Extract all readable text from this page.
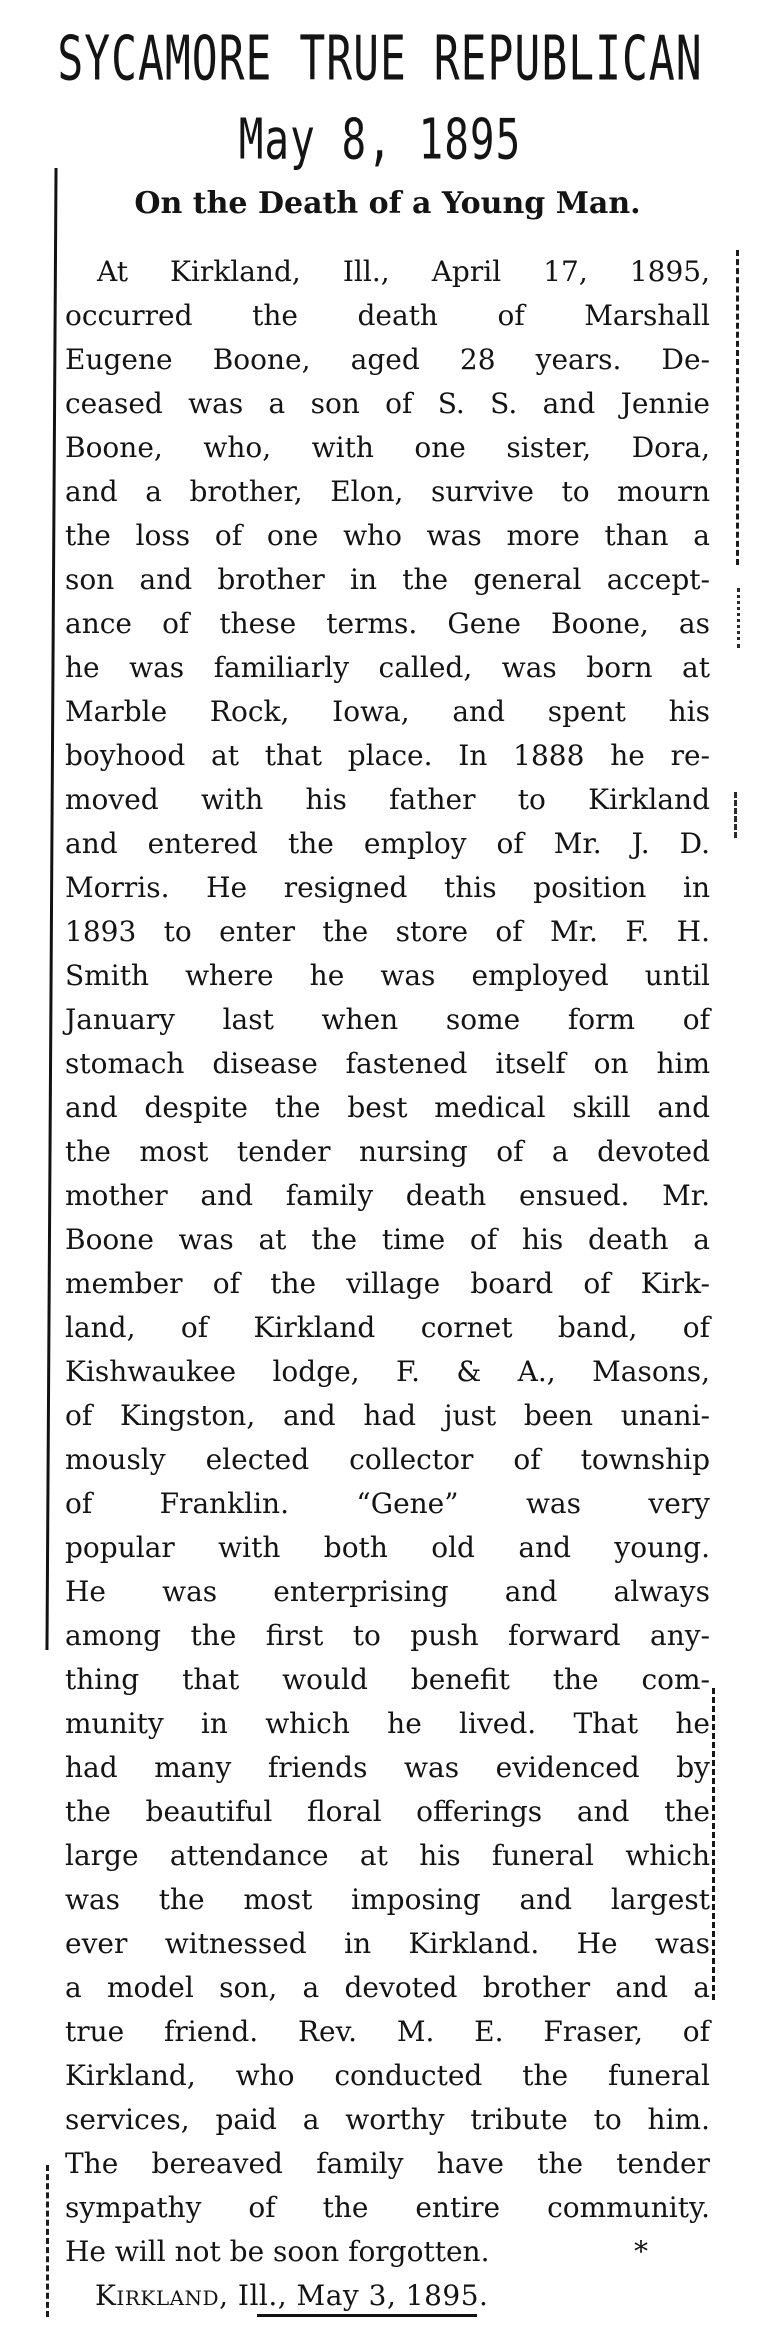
SYCAMORE TRUE REPUBLICAN
May 8, 1895
On the Death of a Young Man.
At Kirkland, Ill., April 17, 1895,
occurred the death of Marshall
Eugene Boone, aged 28 years. De-
ceased was a son of S. S. and Jennie
Boone, who, with one sister, Dora,
and a brother, Elon, survive to mourn
the loss of one who was more than a
son and brother in the general accept-
ance of these terms. Gene Boone, as
he was familiarly called, was born at
Marble Rock, Iowa, and spent his
boyhood at that place. In 1888 he re-
moved with his father to Kirkland
and entered the employ of Mr. J. D.
Morris. He resigned this position in
1893 to enter the store of Mr. F. H.
Smith where he was employed until
January last when some form of
stomach disease fastened itself on him
and despite the best medical skill and
the most tender nursing of a devoted
mother and family death ensued. Mr.
Boone was at the time of his death a
member of the village board of Kirk-
land, of Kirkland cornet band, of
Kishwaukee lodge, F. & A., Masons,
of Kingston, and had just been unani-
mously elected collector of township
of Franklin. “Gene” was very
popular with both old and young.
He was enterprising and always
among the first to push forward any-
thing that would benefit the com-
munity in which he lived. That he
had many friends was evidenced by
the beautiful floral offerings and the
large attendance at his funeral which
was the most imposing and largest
ever witnessed in Kirkland. He was
a model son, a devoted brother and a
true friend. Rev. M. E. Fraser, of
Kirkland, who conducted the funeral
services, paid a worthy tribute to him.
The bereaved family have the tender
sympathy of the entire community.
He will not be soon forgotten.	*
Kirkland, Ill., May 3, 1895.
